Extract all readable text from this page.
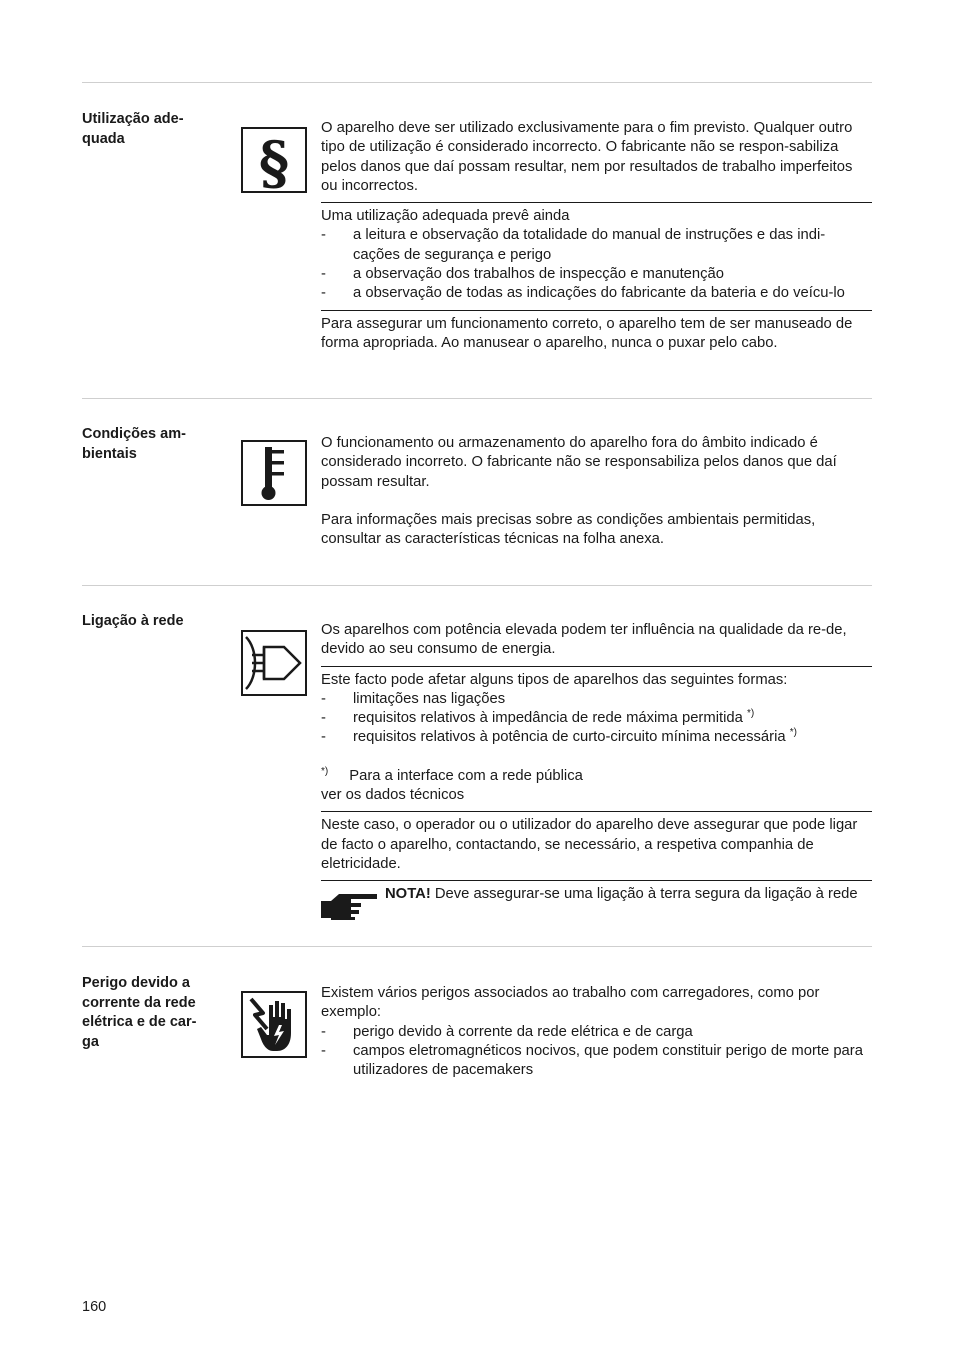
Utilização ade-
quada	§

O aparelho deve ser utilizado exclusivamente para o fim previsto. Qualquer outro tipo de utilização é considerado incorrecto. O fabricante não se respon-sabiliza pelos danos que daí possam resultar, nem por resultados de trabalho imperfeitos ou incorrectos.

Uma utilização adequada prevê ainda

- a leitura e observação da totalidade do manual de instruções e das indi-cações de segurança e perigo
- a observação dos trabalhos de inspecção e manutenção
- a observação de todas as indicações do fabricante da bateria e do veícu-lo

Para assegurar um funcionamento correto, o aparelho tem de ser manuseado de forma apropriada. Ao manusear o aparelho, nunca o puxar pelo cabo.

Condições am-
bientais

O funcionamento ou armazenamento do aparelho fora do âmbito indicado é considerado incorreto. O fabricante não se responsabiliza pelos danos que daí possam resultar.

Para informações mais precisas sobre as condições ambientais permitidas, consultar as características técnicas na folha anexa.

Ligação à rede

Os aparelhos com potência elevada podem ter influência na qualidade da re-de, devido ao seu consumo de energia.

Este facto pode afetar alguns tipos de aparelhos das seguintes formas:

- limitações nas ligações
- requisitos relativos à impedância de rede máxima permitida *)
- requisitos relativos à potência de curto-circuito mínima necessária *)

*) Para a interface com a rede pública

ver os dados técnicos

Neste caso, o operador ou o utilizador do aparelho deve assegurar que pode ligar de facto o aparelho, contactando, se necessário, a respetiva companhia de eletricidade.

NOTA! Deve assegurar-se uma ligação à terra segura da ligação à rede
Perigo devido a
corrente da rede
elétrica e de car-
ga

Existem vários perigos associados ao trabalho com carregadores, como por exemplo:

- perigo devido à corrente da rede elétrica e de carga
- campos eletromagnéticos nocivos, que podem constituir perigo de morte para utilizadores de pacemakers
160
